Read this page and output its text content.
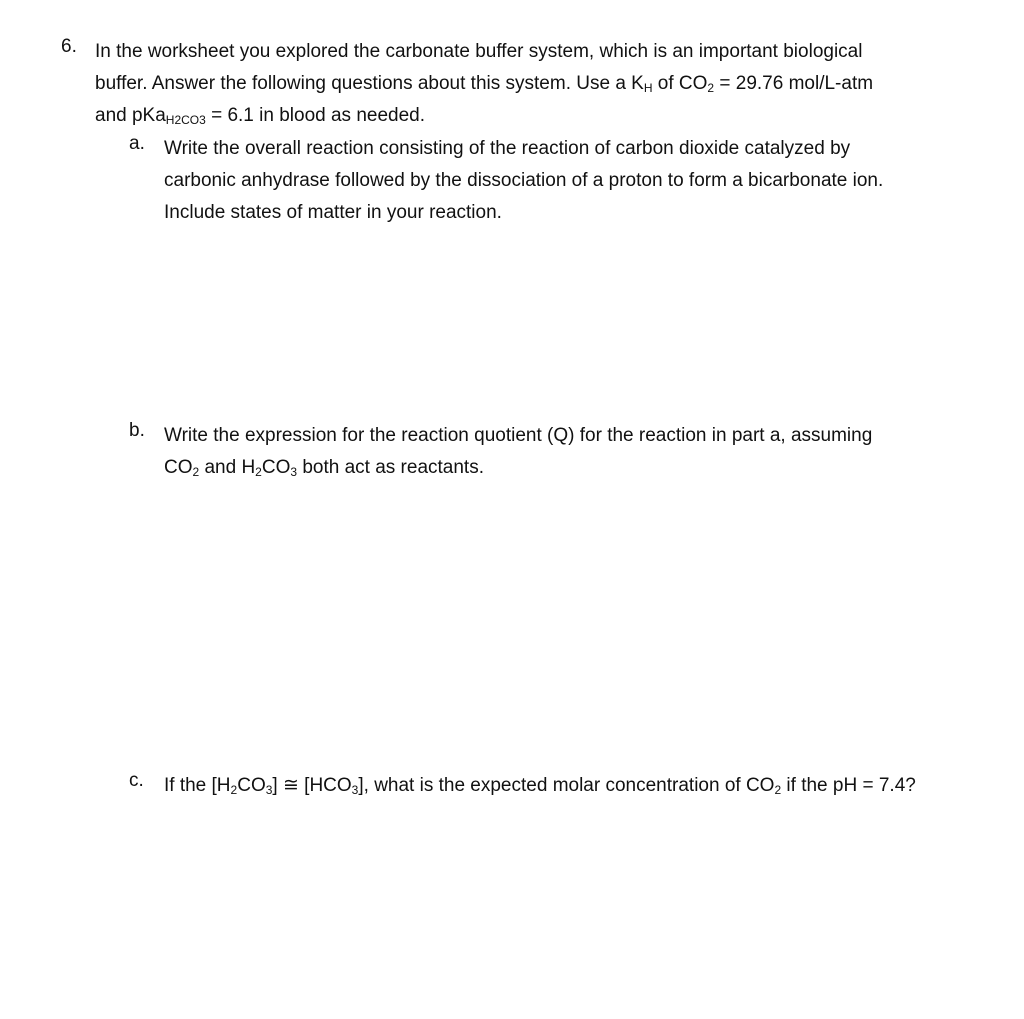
6. In the worksheet you explored the carbonate buffer system, which is an important biological
buffer. Answer the following questions about this system. Use a $K_H$ of $CO_2 = 29.76$ mol/L-atm
and pKa$_{H2CO3}$ = 6.1 in blood as needed.
a. Write the overall reaction consisting of the reaction of carbon dioxide catalyzed by
carbonic anhydrase followed by the dissociation of a proton to form a bicarbonate ion.
Include states of matter in your reaction.
b. Write the expression for the reaction quotient (Q) for the reaction in part a, assuming
$CO_2$ and $H_2CO_3$ both act as reactants.
c. If the $[H_2CO_3]$ ≅ $[HCO_3]$, what is the expected molar concentration of $CO_2$ if the pH = 7.4?
